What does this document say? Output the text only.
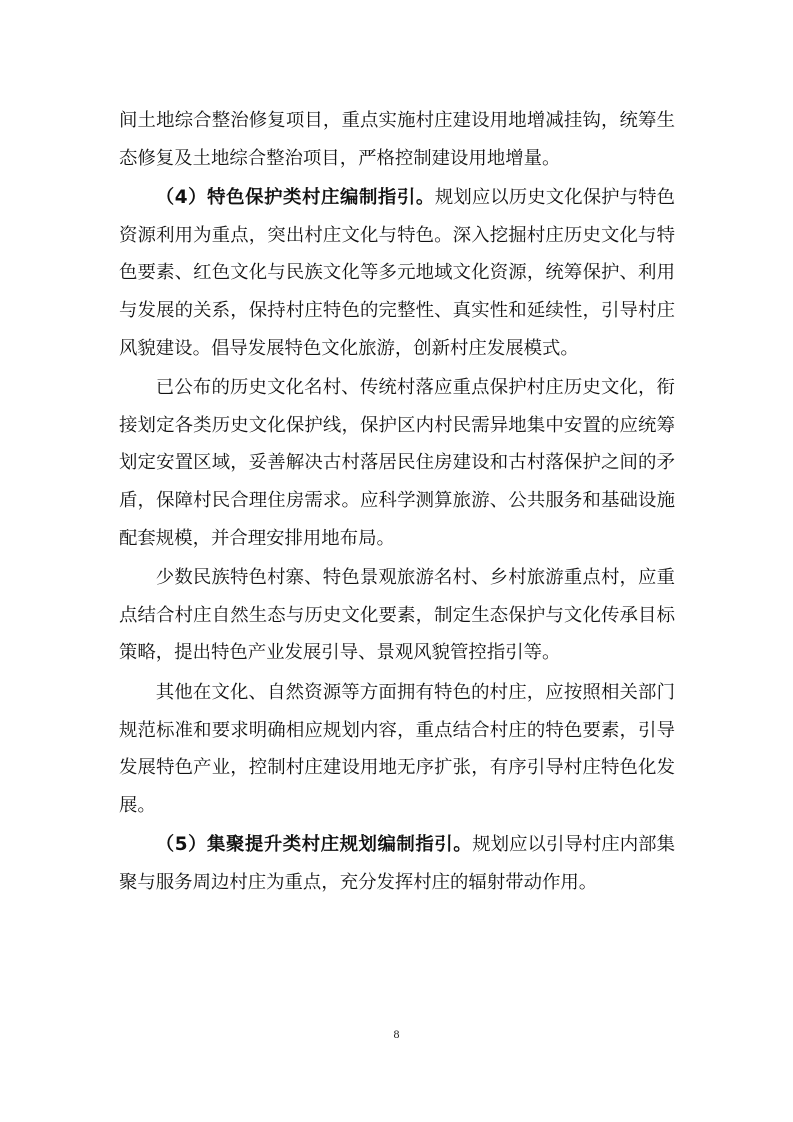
间土地综合整治修复项目，重点实施村庄建设用地增减挂钩，统筹生态修复及土地综合整治项目，严格控制建设用地增量。

（4）特色保护类村庄编制指引。规划应以历史文化保护与特色资源利用为重点，突出村庄文化与特色。深入挖掘村庄历史文化与特色要素、红色文化与民族文化等多元地域文化资源，统筹保护、利用与发展的关系，保持村庄特色的完整性、真实性和延续性，引导村庄风貌建设。倡导发展特色文化旅游，创新村庄发展模式。

已公布的历史文化名村、传统村落应重点保护村庄历史文化，衔接划定各类历史文化保护线，保护区内村民需异地集中安置的应统筹划定安置区域，妥善解决古村落居民住房建设和古村落保护之间的矛盾，保障村民合理住房需求。应科学测算旅游、公共服务和基础设施配套规模，并合理安排用地布局。

少数民族特色村寨、特色景观旅游名村、乡村旅游重点村，应重点结合村庄自然生态与历史文化要素，制定生态保护与文化传承目标策略，提出特色产业发展引导、景观风貌管控指引等。

其他在文化、自然资源等方面拥有特色的村庄，应按照相关部门规范标准和要求明确相应规划内容，重点结合村庄的特色要素，引导发展特色产业，控制村庄建设用地无序扩张，有序引导村庄特色化发展。

（5）集聚提升类村庄规划编制指引。规划应以引导村庄内部集聚与服务周边村庄为重点，充分发挥村庄的辐射带动作用。

8
